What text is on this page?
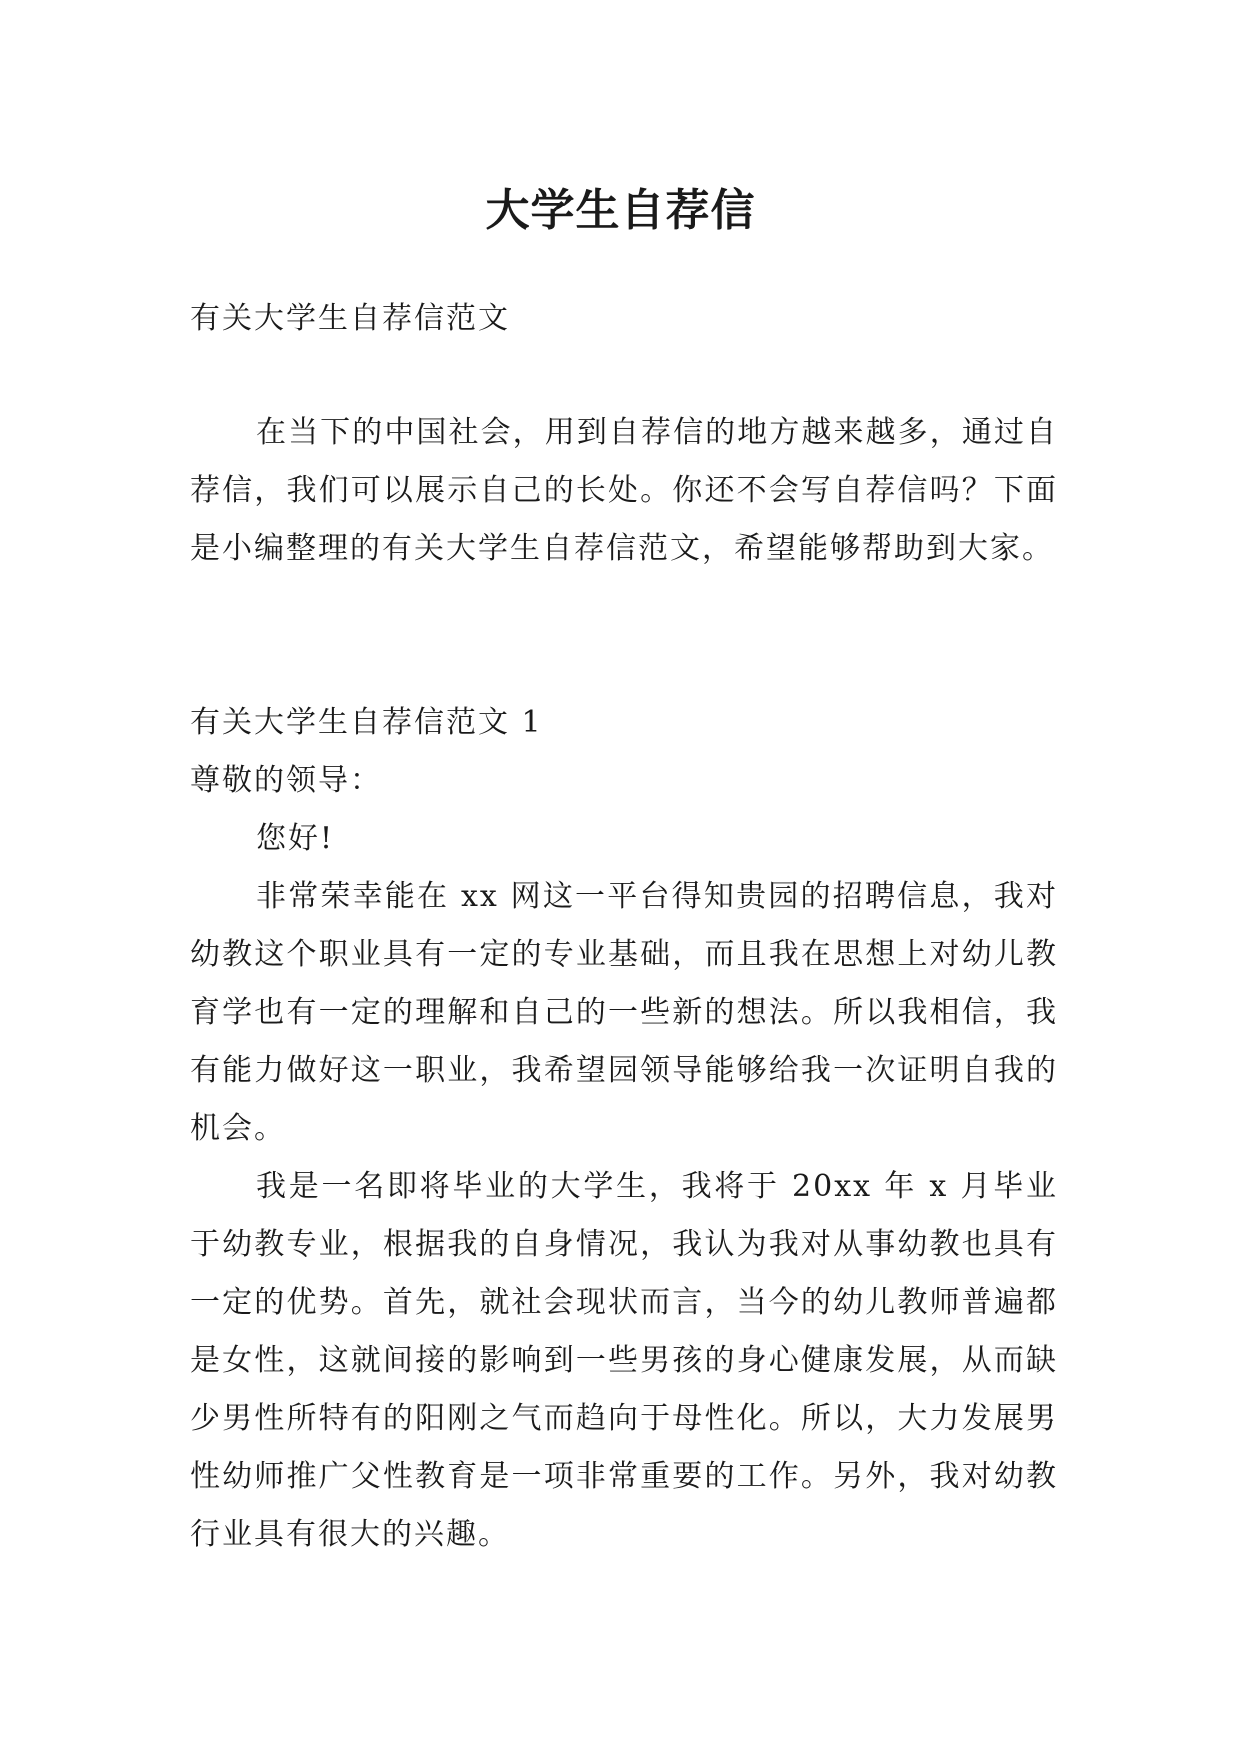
大学生自荐信

有关大学生自荐信范文

在当下的中国社会，用到自荐信的地方越来越多，通过自荐信，我们可以展示自己的长处。你还不会写自荐信吗？下面是小编整理的有关大学生自荐信范文，希望能够帮助到大家。

有关大学生自荐信范文 1

尊敬的领导：

您好!

非常荣幸能在 xx 网这一平台得知贵园的招聘信息，我对幼教这个职业具有一定的专业基础，而且我在思想上对幼儿教育学也有一定的理解和自己的一些新的想法。所以我相信，我有能力做好这一职业，我希望园领导能够给我一次证明自我的机会。

我是一名即将毕业的大学生，我将于 20xx 年 x 月毕业于幼教专业，根据我的自身情况，我认为我对从事幼教也具有一定的优势。首先，就社会现状而言，当今的幼儿教师普遍都是女性，这就间接的影响到一些男孩的身心健康发展，从而缺少男性所特有的阳刚之气而趋向于母性化。所以，大力发展男性幼师推广父性教育是一项非常重要的工作。另外，我对幼教行业具有很大的兴趣。
